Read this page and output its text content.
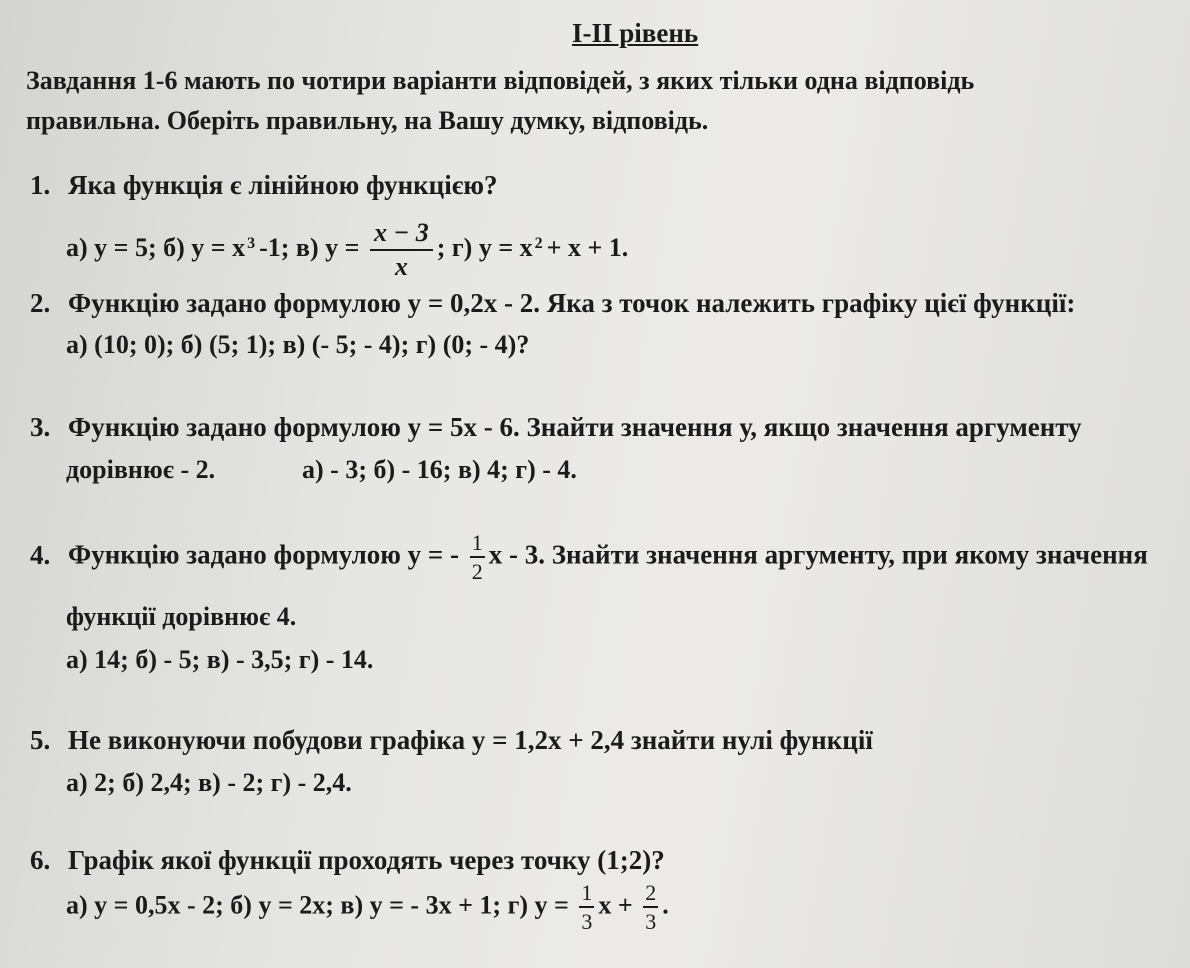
І-ІІ рівень
Завдання 1-6 мають по чотири варіанти відповідей, з яких тільки одна відповідь
правильна. Оберіть правильну, на Вашу думку, відповідь.
1. Яка функція є лінійною функцією?
а) у = 5; б) у = х $^3$ -1; в) $у = \frac{x - 3}{x}$ ; г) у = х $^2$ + х + 1.
2. Функцію задано формулою у = 0,2х - 2. Яка з точок належить графіку цієї функції:
а) (10; 0); б) (5; 1); в) (- 5; - 4); г) (0; - 4)?
3. Функцію задано формулою у = 5х - 6. Знайти значення у, якщо значення аргументу
дорівнює - 2.	а) - 3; б) - 16; в) 4; г) - 4.
4. Функцію задано формулою у = - $\frac{1}{2}$ х - 3. Знайти значення аргументу, при якому значення
функції дорівнює 4.
а) 14; б) - 5; в) - 3,5; г) - 14.
5. Не виконуючи побудови графіка у = 1,2х + 2,4 знайти нулі функції
а) 2; б) 2,4; в) - 2; г) - 2,4.
6. Графік якої функції проходять через точку (1;2)?
а) у = 0,5х - 2; б) у = 2х; в) у = - 3х + 1; г) $у = \frac{1}{3}$ $х + \frac{2}{3}$ .
